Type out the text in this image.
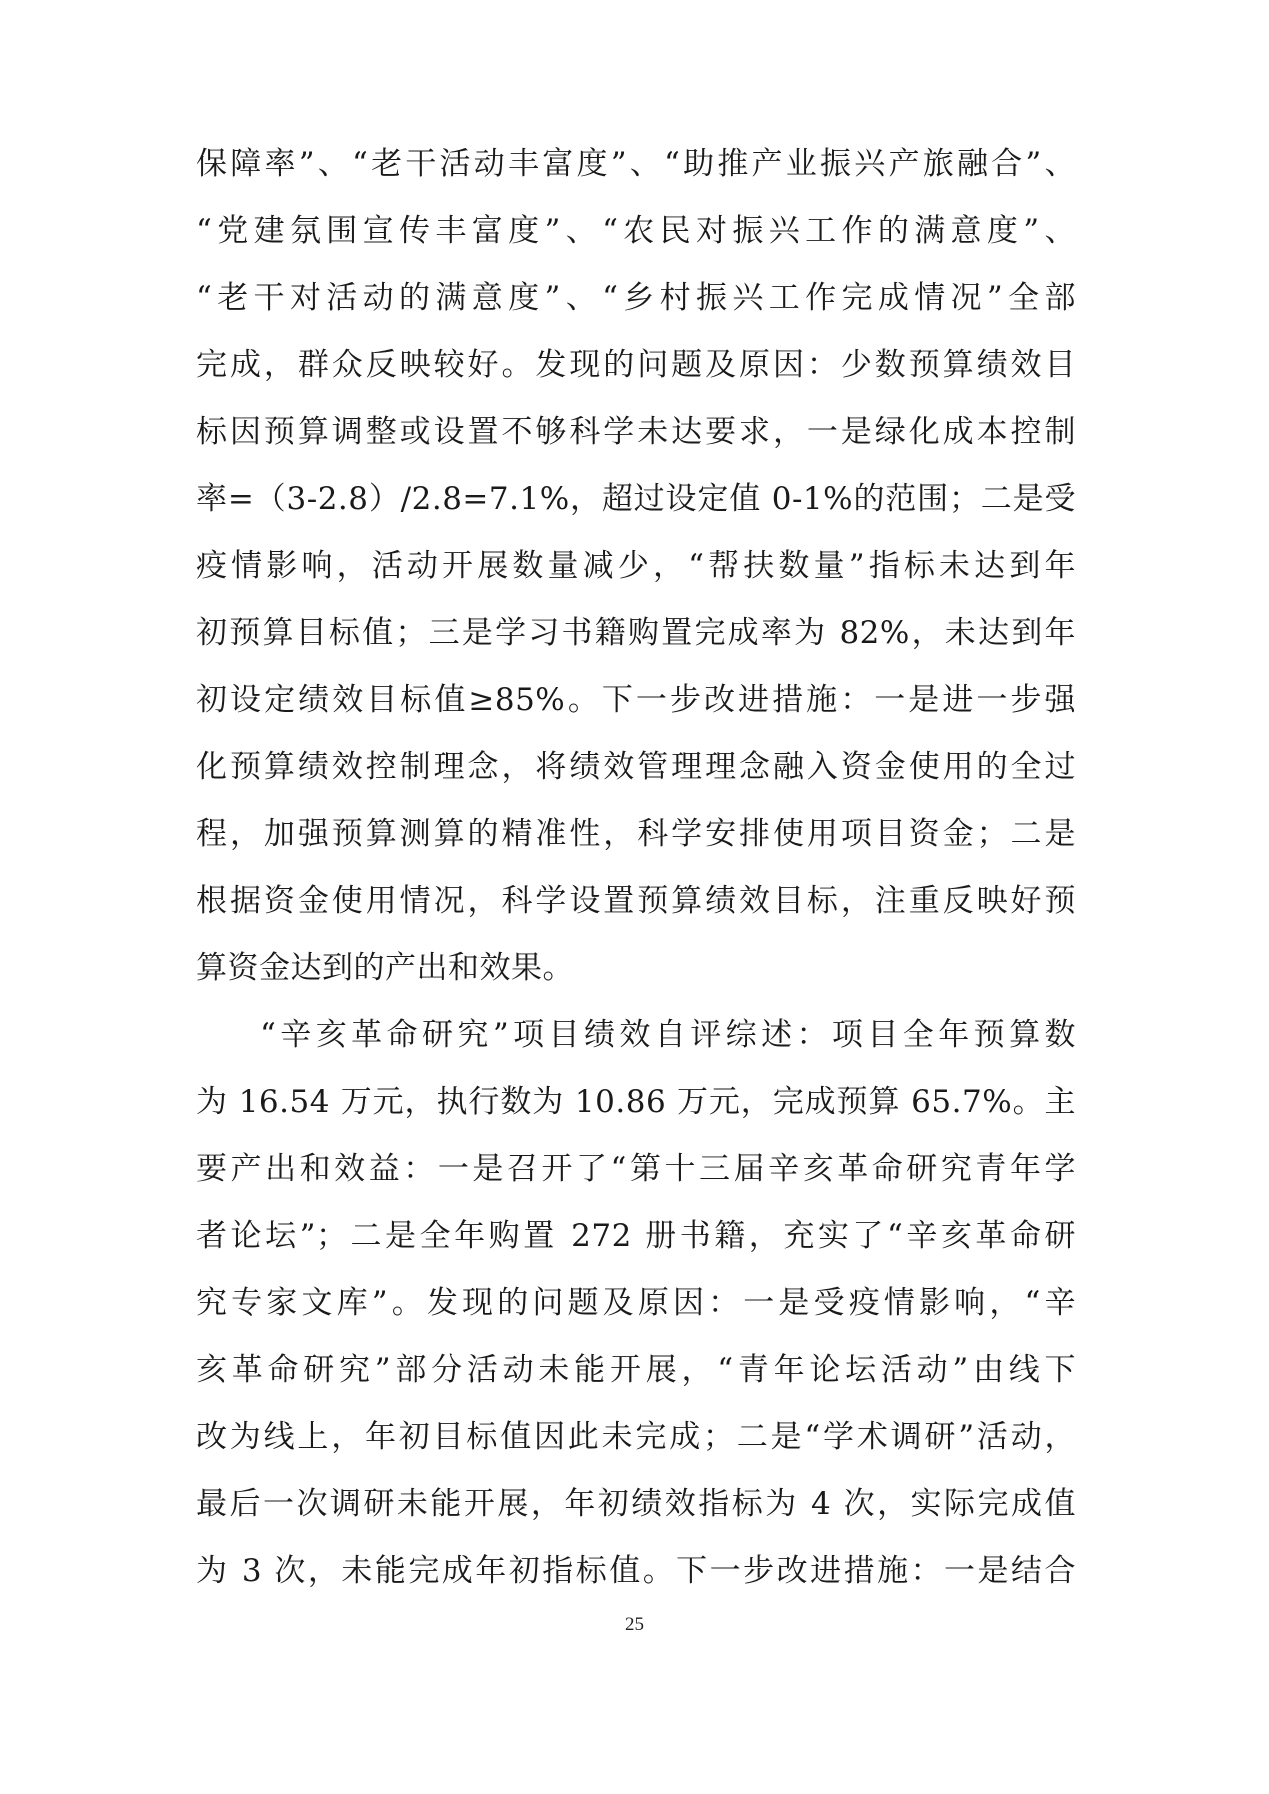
保障率”、“老干活动丰富度”、“助推产业振兴产旅融合”、
“党建氛围宣传丰富度”、“农民对振兴工作的满意度”、
“老干对活动的满意度”、“乡村振兴工作完成情况”全部
完成，群众反映较好。发现的问题及原因：少数预算绩效目
标因预算调整或设置不够科学未达要求，一是绿化成本控制
率=（3-2.8）/2.8=7.1%，超过设定值 0-1%的范围；二是受
疫情影响，活动开展数量减少，“帮扶数量”指标未达到年
初预算目标值；三是学习书籍购置完成率为 82%，未达到年
初设定绩效目标值≥85%。下一步改进措施：一是进一步强
化预算绩效控制理念，将绩效管理理念融入资金使用的全过
程，加强预算测算的精准性，科学安排使用项目资金；二是
根据资金使用情况，科学设置预算绩效目标，注重反映好预
算资金达到的产出和效果。
“辛亥革命研究”项目绩效自评综述：项目全年预算数
为 16.54 万元，执行数为 10.86 万元，完成预算 65.7%。主
要产出和效益：一是召开了“第十三届辛亥革命研究青年学
者论坛”；二是全年购置 272 册书籍，充实了“辛亥革命研
究专家文库”。发现的问题及原因：一是受疫情影响，“辛
亥革命研究”部分活动未能开展，“青年论坛活动”由线下
改为线上，年初目标值因此未完成；二是“学术调研”活动，
最后一次调研未能开展，年初绩效指标为 4 次，实际完成值
为 3 次，未能完成年初指标值。下一步改进措施：一是结合
25
